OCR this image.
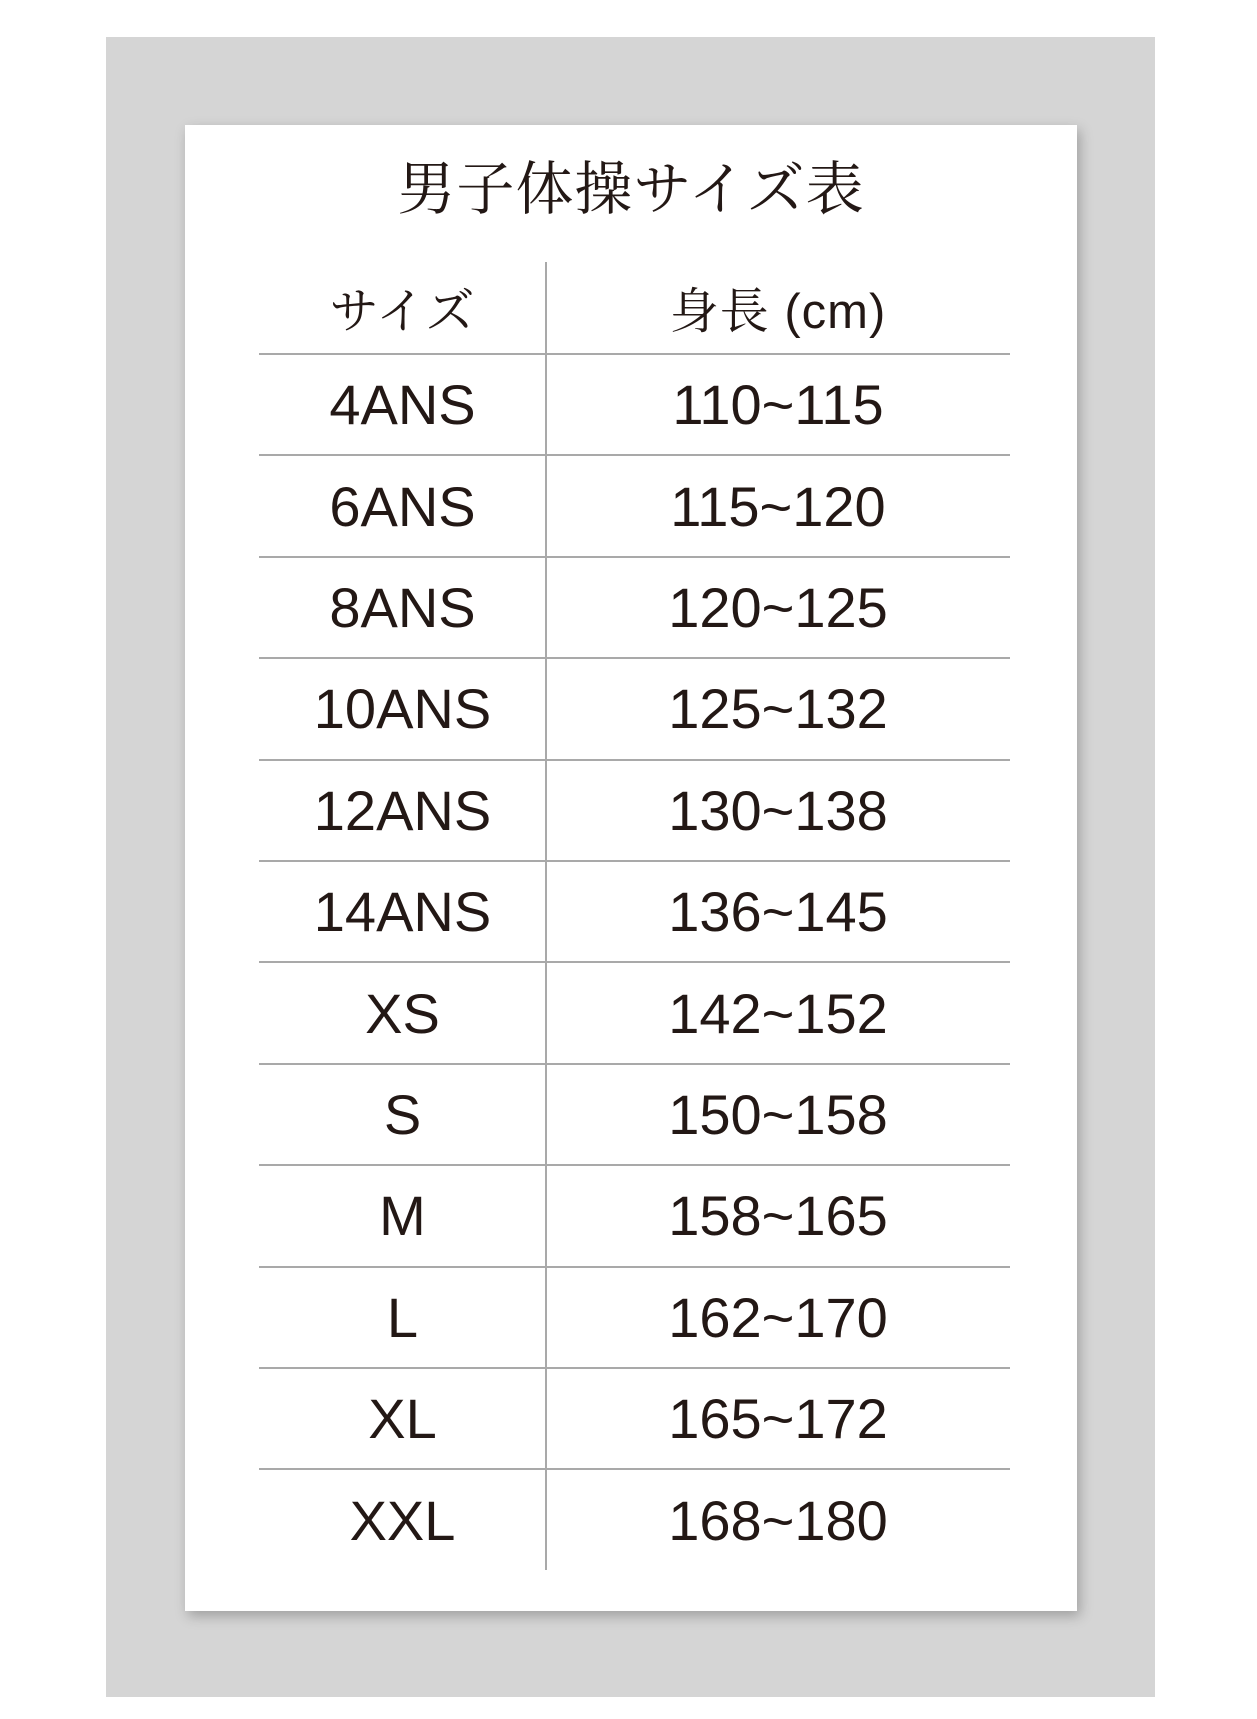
男子体操サイズ表
サイズ	身長 (cm)
4ANS	110~115
6ANS	115~120
8ANS	120~125
10ANS	125~132
12ANS	130~138
14ANS	136~145
XS	142~152
S	150~158
M	158~165
L	162~170
XL	165~172
XXL	168~180
